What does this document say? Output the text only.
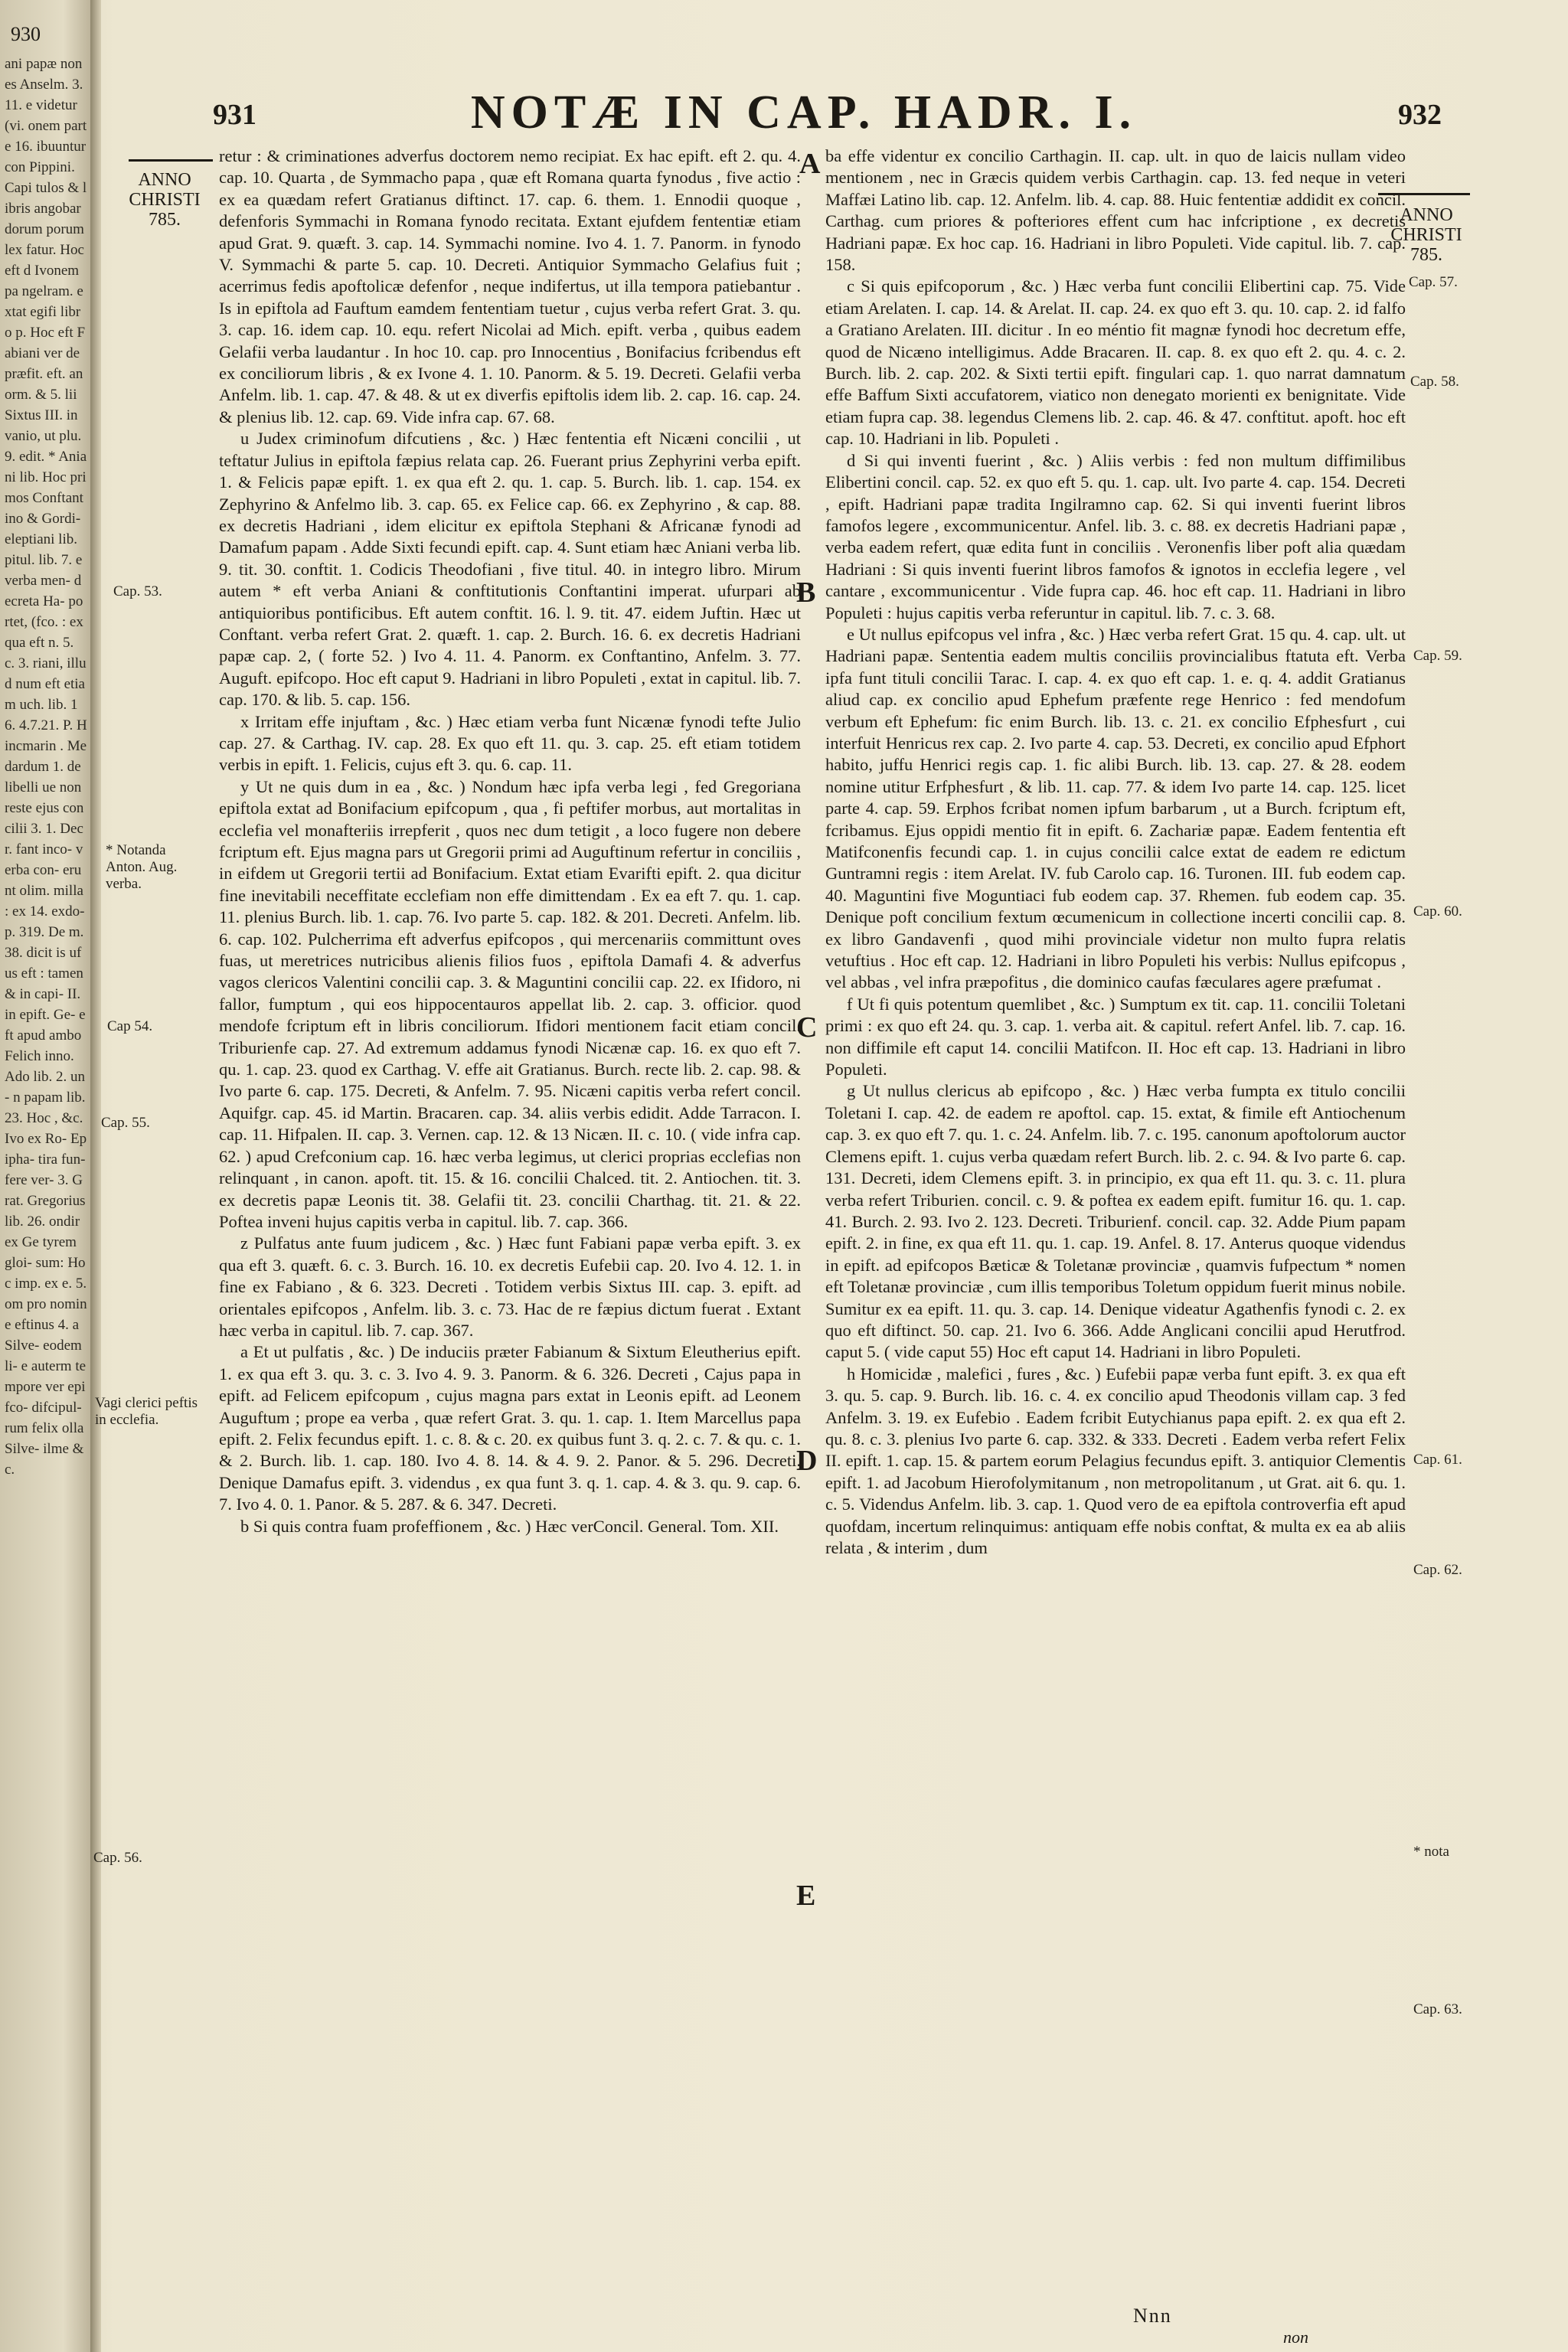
930
ani papæ nones Anselm. 3. 11. e videtur (vi. onem parte 16. ibuuntur con Pippini. Capi tulos & libris angobardorum porum lex fatur. Hoc eft d Ivonem pa ngelram. extat egifi libro p. Hoc eft Fabiani ver de præfit. eft. anorm. & 5. lii Sixtus III. in vanio, ut plu. 9. edit. * Aniani lib. Hoc primos Conftantino & Gordi- eleptiani lib. pitul. lib. 7. e verba men- decreta Ha- portet, (fco. : ex qua eft n. 5. c. 3. riani, illud num eft etiam uch. lib. 16. 4.7.21. P. Hincmarin . Medardum 1. de libelli ue non reste ejus concilii 3. 1. Decr. fant inco- verba con- erunt olim. milla : ex 14. exdo- p. 319. De m. 38. dicit is ufus eft : tamen & in capi- II. in epift. Ge- eft apud ambo Felich inno. Ado lib. 2. un- n papam lib. 23. Hoc , &c. Ivo ex Ro- Epipha- tira fun- fere ver- 3. Grat. Gregorius lib. 26. ondir ex Ge tyrem gloi- sum: Hoc imp. ex e. 5. om pro nomine eftinus 4. a Silve- eodem li- e auterm tempore ver epifco- difcipul- rum felix olla Silve- ilme &c.
931	NOTÆ IN CAP. HADR. I.	932
ANNO CHRISTI 785.	ANNO CHRISTI 785.

retur : & criminationes adverfus doctorem nemo recipiat. Ex hac epift. eft 2. qu. 4. cap. 10. Quarta , de Symmacho papa , quæ eft Romana quarta fynodus , five actio : ex ea quædam refert Gratianus diftinct. 17. cap. 6. them. 1. Ennodii quoque , defenforis Symmachi in Romana fynodo recitata. Extant ejufdem fententiæ etiam apud Grat. 9. quæft. 3. cap. 14. Symmachi nomine. Ivo 4. 1. 7. Panorm. in fynodo V. Symmachi & parte 5. cap. 10. Decreti. Antiquior Symmacho Gelafius fuit ; acerrimus fedis apoftolicæ defenfor , neque indifertus, ut illa tempora patiebantur . Is in epiftola ad Fauftum eamdem fententiam tuetur , cujus verba refert Grat. 3. qu. 3. cap. 16. idem cap. 10. equ. refert Nicolai ad Mich. epift. verba , quibus eadem Gelafii verba laudantur . In hoc 10. cap. pro Innocentius , Bonifacius fcribendus eft ex conciliorum libris , & ex Ivone 4. 1. 10. Panorm. & 5. 19. Decreti. Gelafii verba Anfelm. lib. 1. cap. 47. & 48. & ut ex diverfis epiftolis idem lib. 2. cap. 16. cap. 24. & plenius lib. 12. cap. 69. Vide infra cap. 67. 68.

u Judex criminofum difcutiens , &c. ) Hæc fententia eft Nicæni concilii , ut teftatur Julius in epiftola fæpius relata cap. 26. Fuerant prius Zephyrini verba epift. 1. & Felicis papæ epift. 1. ex qua eft 2. qu. 1. cap. 5. Burch. lib. 1. cap. 154. ex Zephyrino & Anfelmo lib. 3. cap. 65. ex Felice cap. 66. ex Zephyrino , & cap. 88. ex decretis Hadriani , idem elicitur ex epiftola Stephani & Africanæ fynodi ad Damafum papam . Adde Sixti fecundi epift. cap. 4. Sunt etiam hæc Aniani verba lib. 9. tit. 30. conftit. 1. Codicis Theodofiani , five titul. 40. in integro libro. Mirum autem * eft verba Aniani & conftitutionis Conftantini imperat. ufurpari ab antiquioribus pontificibus. Eft autem conftit. 16. l. 9. tit. 47. eidem Juftin. Hæc ut Conftant. verba refert Grat. 2. quæft. 1. cap. 2. Burch. 16. 6. ex decretis Hadriani papæ cap. 2, ( forte 52. ) Ivo 4. 11. 4. Panorm. ex Conftantino, Anfelm. 3. 77. Auguft. epifcopo. Hoc eft caput 9. Hadriani in libro Populeti , extat in capitul. lib. 7. cap. 170. & lib. 5. cap. 156.

x Irritam effe injuftam , &c. ) Hæc etiam verba funt Nicænæ fynodi tefte Julio cap. 27. & Carthag. IV. cap. 28. Ex quo eft 11. qu. 3. cap. 25. eft etiam totidem verbis in epift. 1. Felicis, cujus eft 3. qu. 6. cap. 11.

y Ut ne quis dum in ea , &c. ) Nondum hæc ipfa verba legi , fed Gregoriana epiftola extat ad Bonifacium epifcopum , qua , fi peftifer morbus, aut mortalitas in ecclefia vel monafteriis irrepferit , quos nec dum tetigit , a loco fugere non debere fcriptum eft. Ejus magna pars ut Gregorii primi ad Auguftinum refertur in conciliis , in eifdem ut Gregorii tertii ad Bonifacium. Extat etiam Evarifti epift. 2. qua dicitur fine inevitabili neceffitate ecclefiam non effe dimittendam . Ex ea eft 7. qu. 1. cap. 11. plenius Burch. lib. 1. cap. 76. Ivo parte 5. cap. 182. & 201. Decreti. Anfelm. lib. 6. cap. 102. Pulcherrima eft adverfus epifcopos , qui mercenariis committunt oves fuas, ut meretrices nutricibus alienis filios fuos , epiftola Damafi 4. & adverfus vagos clericos Valentini concilii cap. 3. & Maguntini concilii cap. 22. ex Ifidoro, ni fallor, fumptum , qui eos hippocentauros appellat lib. 2. cap. 3. officior. quod mendofe fcriptum eft in libris conciliorum. Ifidori mentionem facit etiam concil. Triburienfe cap. 27. Ad extremum addamus fynodi Nicænæ cap. 16. ex quo eft 7. qu. 1. cap. 23. quod ex Carthag. V. effe ait Gratianus. Burch. recte lib. 2. cap. 98. & Ivo parte 6. cap. 175. Decreti, & Anfelm. 7. 95. Nicæni capitis verba refert concil. Aquifgr. cap. 45. id Martin. Bracaren. cap. 34. aliis verbis edidit. Adde Tarracon. I. cap. 11. Hifpalen. II. cap. 3. Vernen. cap. 12. & 13 Nicæn. II. c. 10. ( vide infra cap. 62. ) apud Crefconium cap. 16. hæc verba legimus, ut clerici proprias ecclefias non relinquant , in canon. apoft. tit. 15. & 16. concilii Chalced. tit. 2. Antiochen. tit. 3. ex decretis papæ Leonis tit. 38. Gelafii tit. 23. concilii Charthag. tit. 21. & 22. Poftea inveni hujus capitis verba in capitul. lib. 7. cap. 366.

z Pulfatus ante fuum judicem , &c. ) Hæc funt Fabiani papæ verba epift. 3. ex qua eft 3. quæft. 6. c. 3. Burch. 16. 10. ex decretis Eufebii cap. 20. Ivo 4. 12. 1. in fine ex Fabiano , & 6. 323. Decreti . Totidem verbis Sixtus III. cap. 3. epift. ad orientales epifcopos , Anfelm. lib. 3. c. 73. Hac de re fæpius dictum fuerat . Extant hæc verba in capitul. lib. 7. cap. 367.

a Et ut pulfatis , &c. ) De induciis præter Fabianum & Sixtum Eleutherius epift. 1. ex qua eft 3. qu. 3. c. 3. Ivo 4. 9. 3. Panorm. & 6. 326. Decreti , Cajus papa in epift. ad Felicem epifcopum , cujus magna pars extat in Leonis epift. ad Leonem Auguftum ; prope ea verba , quæ refert Grat. 3. qu. 1. cap. 1. Item Marcellus papa epift. 2. Felix fecundus epift. 1. c. 8. & c. 20. ex quibus funt 3. q. 2. c. 7. & qu. c. 1. & 2. Burch. lib. 1. cap. 180. Ivo 4. 8. 14. & 4. 9. 2. Panor. & 5. 296. Decreti. Denique Damafus epift. 3. videndus , ex qua funt 3. q. 1. cap. 4. & 3. qu. 9. cap. 6. 7. Ivo 4. 0. 1. Panor. & 5. 287. & 6. 347. Decreti.

b Si quis contra fuam profeffionem , &c. ) Hæc verConcil. General. Tom. XII.

Cap. 53.
* Notanda Anton. Aug. verba.
Cap 54.
Cap. 55.
Vagi clerici peftis in ecclefia.
Cap. 56.
A
B
C
D
E

ba effe videntur ex concilio Carthagin. II. cap. ult. in quo de laicis nullam video mentionem , nec in Græcis quidem verbis Carthagin. cap. 13. fed neque in veteri Maffæi Latino lib. cap. 12. Anfelm. lib. 4. cap. 88. Huic fententiæ addidit ex concil. Carthag. cum priores & pofteriores effent cum hac infcriptione , ex decretis Hadriani papæ. Ex hoc cap. 16. Hadriani in libro Populeti. Vide capitul. lib. 7. cap. 158.

c Si quis epifcoporum , &c. ) Hæc verba funt concilii Elibertini cap. 75. Vide etiam Arelaten. I. cap. 14. & Arelat. II. cap. 24. ex quo eft 3. qu. 10. cap. 2. id falfo a Gratiano Arelaten. III. dicitur . In eo méntio fit magnæ fynodi hoc decretum effe, quod de Nicæno intelligimus. Adde Bracaren. II. cap. 8. ex quo eft 2. qu. 4. c. 2. Burch. lib. 2. cap. 202. & Sixti tertii epift. fingulari cap. 1. quo narrat damnatum effe Baffum Sixti accufatorem, viatico non denegato morienti ex benignitate. Vide etiam fupra cap. 38. legendus Clemens lib. 2. cap. 46. & 47. conftitut. apoft. hoc eft cap. 10. Hadriani in lib. Populeti .

d Si qui inventi fuerint , &c. ) Aliis verbis : fed non multum diffimilibus Elibertini concil. cap. 52. ex quo eft 5. qu. 1. cap. ult. Ivo parte 4. cap. 154. Decreti , epift. Hadriani papæ tradita Ingilramno cap. 62. Si qui inventi fuerint libros famofos legere , excommunicentur. Anfel. lib. 3. c. 88. ex decretis Hadriani papæ , verba eadem refert, quæ edita funt in conciliis . Veronenfis liber poft alia quædam Hadriani : Si quis inventi fuerint libros famofos & ignotos in ecclefia legere , vel cantare , excommunicentur . Vide fupra cap. 46. hoc eft cap. 11. Hadriani in libro Populeti : hujus capitis verba referuntur in capitul. lib. 7. c. 3. 68.

e Ut nullus epifcopus vel infra , &c. ) Hæc verba refert Grat. 15 qu. 4. cap. ult. ut Hadriani papæ. Sententia eadem multis conciliis provincialibus ftatuta eft. Verba ipfa funt tituli concilii Tarac. I. cap. 4. ex quo eft cap. 1. e. q. 4. addit Gratianus aliud cap. ex concilio apud Ephefum præfente rege Henrico : fed mendofum verbum eft Ephefum: fic enim Burch. lib. 13. c. 21. ex concilio Efphesfurt , cui interfuit Henricus rex cap. 2. Ivo parte 4. cap. 53. Decreti, ex concilio apud Efphort habito, juffu Henrici regis cap. 1. fic alibi Burch. lib. 13. cap. 27. & 28. eodem nomine utitur Erfphesfurt , & lib. 11. cap. 77. & idem Ivo parte 14. cap. 125. licet parte 4. cap. 59. Erphos fcribat nomen ipfum barbarum , ut a Burch. fcriptum eft, fcribamus. Ejus oppidi mentio fit in epift. 6. Zachariæ papæ. Eadem fententia eft Matifconenfis fecundi cap. 1. in cujus concilii calce extat de eadem re edictum Guntramni regis : item Arelat. IV. fub Carolo cap. 16. Turonen. III. fub eodem cap. 40. Maguntini five Moguntiaci fub eodem cap. 37. Rhemen. fub eodem cap. 35. Denique poft concilium fextum œcumenicum in collectione incerti concilii cap. 8. ex libro Gandavenfi , quod mihi provinciale videtur non multo fupra relatis vetuftius . Hoc eft cap. 12. Hadriani in libro Populeti his verbis: Nullus epifcopus , vel abbas , vel infra præpofitus , die dominico caufas fæculares agere præfumat .

f Ut fi quis potentum quemlibet , &c. ) Sumptum ex tit. cap. 11. concilii Toletani primi : ex quo eft 24. qu. 3. cap. 1. verba ait. & capitul. refert Anfel. lib. 7. cap. 16. non diffimile eft caput 14. concilii Matifcon. II. Hoc eft cap. 13. Hadriani in libro Populeti.

g Ut nullus clericus ab epifcopo , &c. ) Hæc verba fumpta ex titulo concilii Toletani I. cap. 42. de eadem re apoftol. cap. 15. extat, & fimile eft Antiochenum cap. 3. ex quo eft 7. qu. 1. c. 24. Anfelm. lib. 7. c. 195. canonum apoftolorum auctor Clemens epift. 1. cujus verba quædam refert Burch. lib. 2. c. 94. & Ivo parte 6. cap. 131. Decreti, idem Clemens epift. 3. in principio, ex qua eft 11. qu. 3. c. 11. plura verba refert Triburien. concil. c. 9. & poftea ex eadem epift. fumitur 16. qu. 1. cap. 41. Burch. 2. 93. Ivo 2. 123. Decreti. Triburienf. concil. cap. 32. Adde Pium papam epift. 2. in fine, ex qua eft 11. qu. 1. cap. 19. Anfel. 8. 17. Anterus quoque videndus in epift. ad epifcopos Bæticæ & Toletanæ provinciæ , quamvis fufpectum * nomen eft Toletanæ provinciæ , cum illis temporibus Toletum oppidum fuerit minus nobile. Sumitur ex ea epift. 11. qu. 3. cap. 14. Denique videatur Agathenfis fynodi c. 2. ex quo eft diftinct. 50. cap. 21. Ivo 6. 366. Adde Anglicani concilii apud Herutfrod. caput 5. ( vide caput 55) Hoc eft caput 14. Hadriani in libro Populeti.

h Homicidæ , malefici , fures , &c. ) Eufebii papæ verba funt epift. 3. ex qua eft 3. qu. 5. cap. 9. Burch. lib. 16. c. 4. ex concilio apud Theodonis villam cap. 3 fed Anfelm. 3. 19. ex Eufebio . Eadem fcribit Eutychianus papa epift. 2. ex qua eft 2. qu. 8. c. 3. plenius Ivo parte 6. cap. 332. & 333. Decreti . Eadem verba refert Felix II. epift. 1. cap. 15. & partem eorum Pelagius fecundus epift. 3. antiquior Clementis epift. 1. ad Jacobum Hierofolymitanum , non metropolitanum , ut Grat. ait 6. qu. 1. c. 5. Videndus Anfelm. lib. 3. cap. 1. Quod vero de ea epiftola controverfia eft apud quofdam, incertum relinquimus: antiquam effe nobis conftat, & multa ex ea ab aliis relata , & interim , dum

Cap. 57.
Cap. 58.
Cap. 59.
Cap. 60.
Cap. 61.
Cap. 62.
* nota
Cap. 63.
Nnn
non
